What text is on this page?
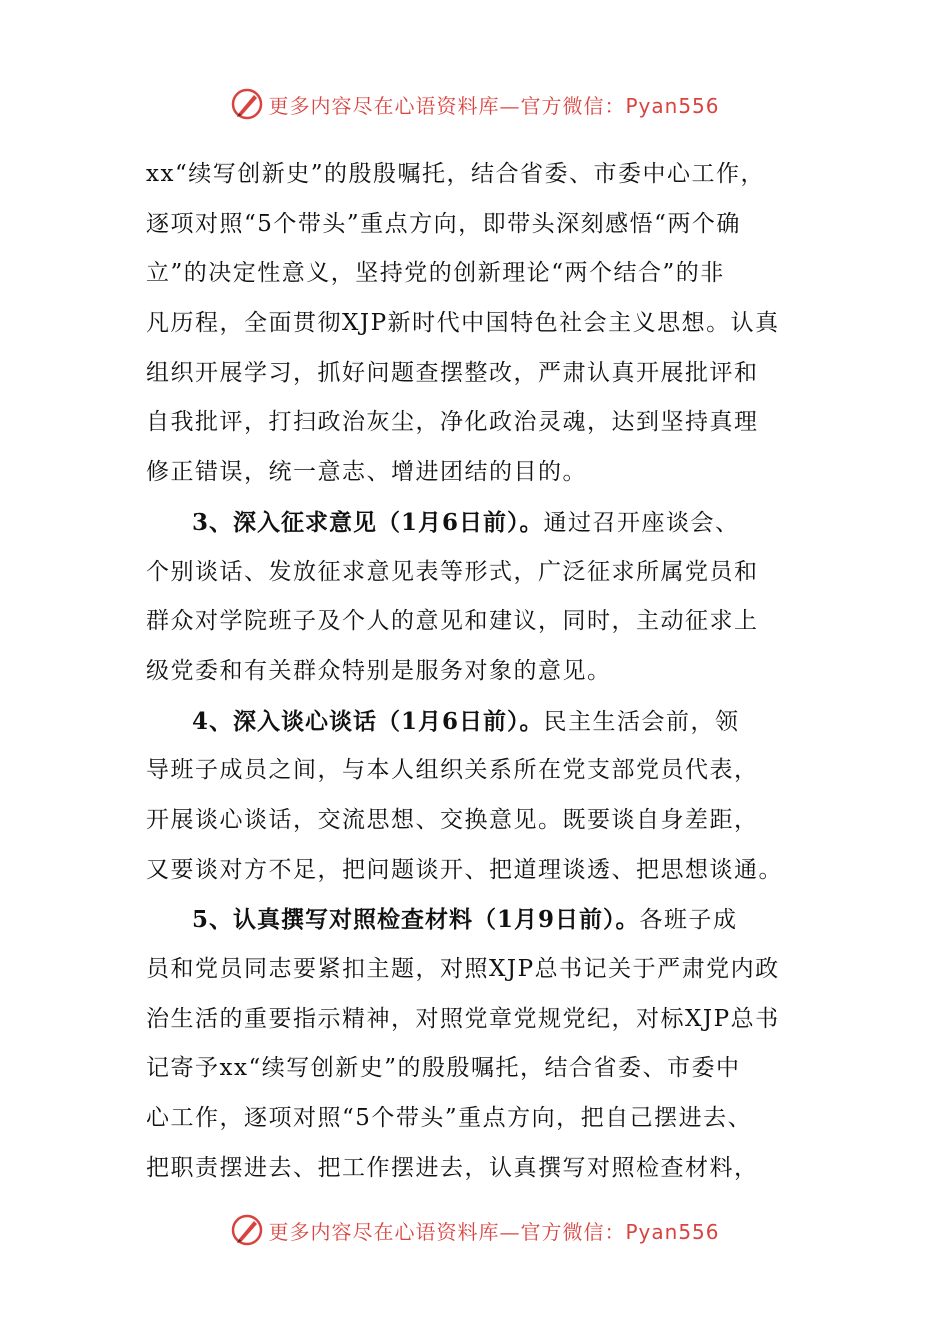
更多内容尽在心语资料库—官方微信：Pyan556
xx“续写创新史”的殷殷嘱托，结合省委、市委中心工作，
逐项对照“5个带头”重点方向，即带头深刻感悟“两个确
立”的决定性意义，坚持党的创新理论“两个结合”的非
凡历程，全面贯彻XJP新时代中国特色社会主义思想。认真
组织开展学习，抓好问题查摆整改，严肃认真开展批评和
自我批评，打扫政治灰尘，净化政治灵魂，达到坚持真理
修正错误，统一意志、增进团结的目的。
3、深入征求意见（1月6日前）。通过召开座谈会、
个别谈话、发放征求意见表等形式，广泛征求所属党员和
群众对学院班子及个人的意见和建议，同时，主动征求上
级党委和有关群众特别是服务对象的意见。
4、深入谈心谈话（1月6日前）。民主生活会前，领
导班子成员之间，与本人组织关系所在党支部党员代表，
开展谈心谈话，交流思想、交换意见。既要谈自身差距，
又要谈对方不足，把问题谈开、把道理谈透、把思想谈通。
5、认真撰写对照检查材料（1月9日前）。各班子成
员和党员同志要紧扣主题，对照XJP总书记关于严肃党内政
治生活的重要指示精神，对照党章党规党纪，对标XJP总书
记寄予xx“续写创新史”的殷殷嘱托，结合省委、市委中
心工作，逐项对照“5个带头”重点方向，把自己摆进去、
把职责摆进去、把工作摆进去，认真撰写对照检查材料，
更多内容尽在心语资料库—官方微信：Pyan556
